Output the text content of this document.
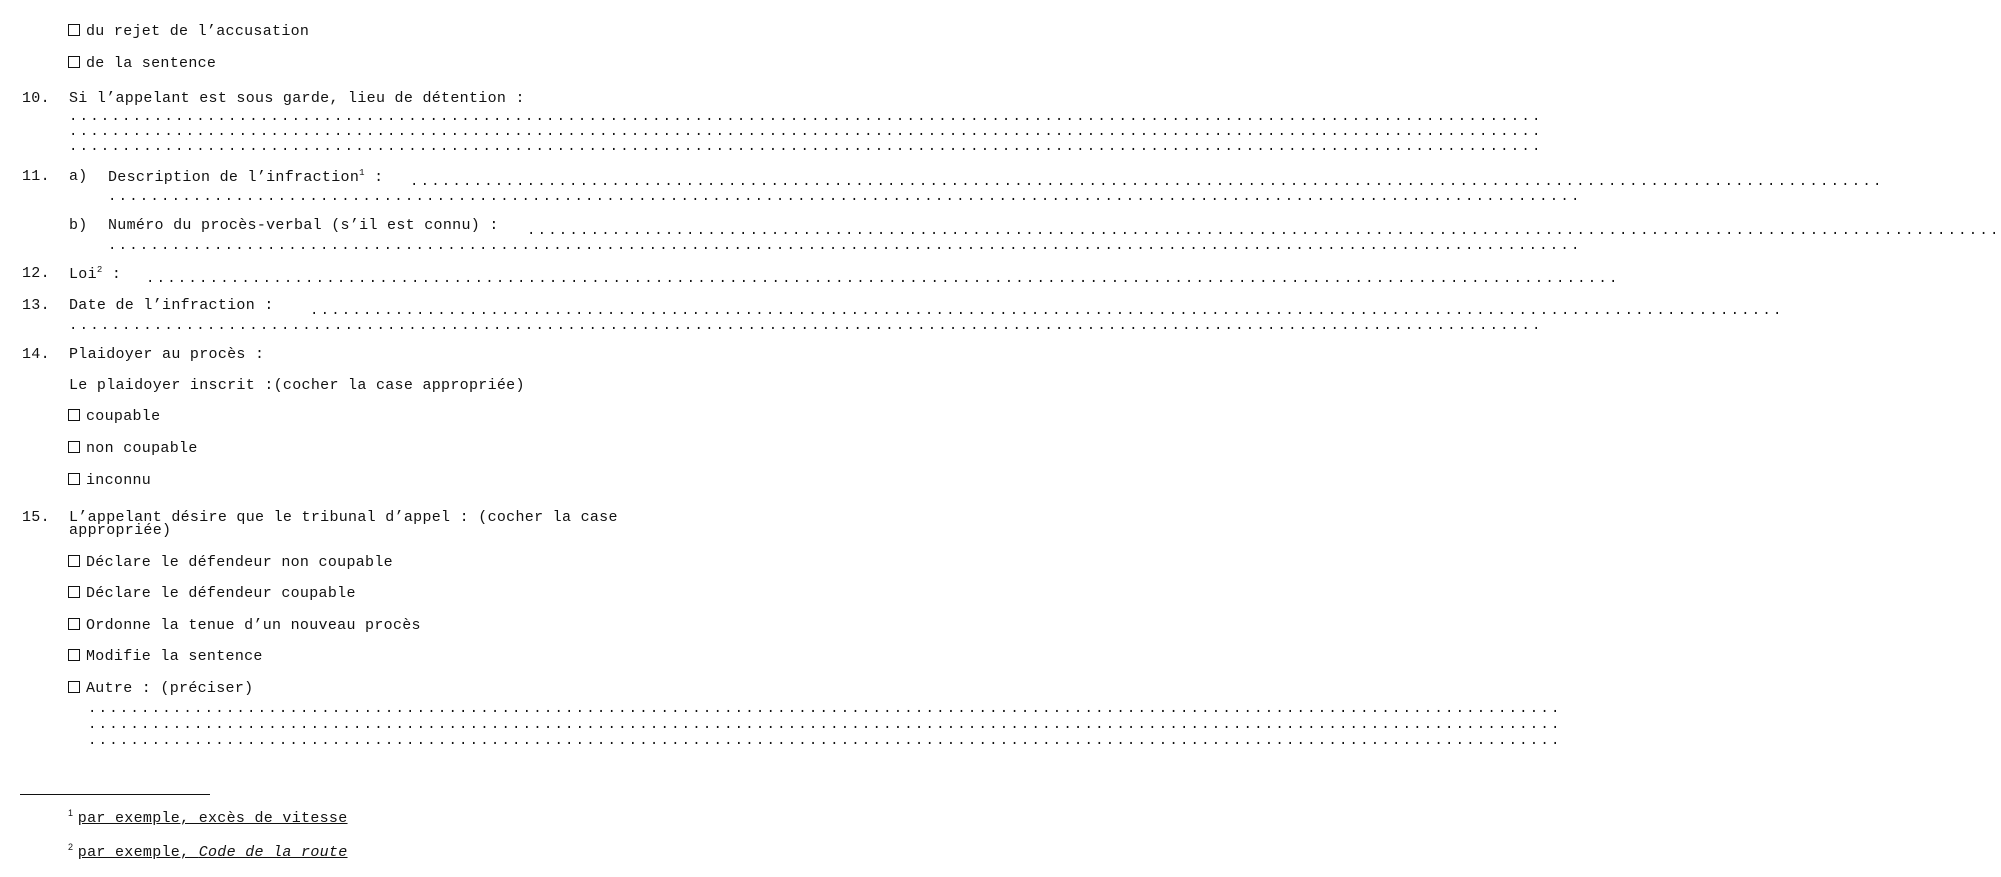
du rejet de l’accusation
de la sentence
10. Si l’appelant est sous garde, lieu de détention :
...........................................................................................................................................
...........................................................................................................................................
...........................................................................................................................................
11. a) Description de l’infraction$^1$ : ...........................................................................................................................................
...........................................................................................................................................
b) Numéro du procès-verbal (s’il est connu) : ...........................................................................................................................................
...........................................................................................................................................
12. Loi$^2$ : ...........................................................................................................................................
13. Date de l’infraction :	...........................................................................................................................................
...........................................................................................................................................
14. Plaidoyer au procès :
Le plaidoyer inscrit :(cocher la case appropriée)
coupable
non coupable
inconnu
15. L’appelant désire que le tribunal d’appel : (cocher la case
appropriée)
Déclare le défendeur non coupable
Déclare le défendeur coupable
Ordonne la tenue d’un nouveau procès
Modifie la sentence
Autre : (préciser)
...........................................................................................................................................
...........................................................................................................................................
...........................................................................................................................................
$^1$ par exemple, excès de vitesse
$^2$ par exemple, Code de la route
